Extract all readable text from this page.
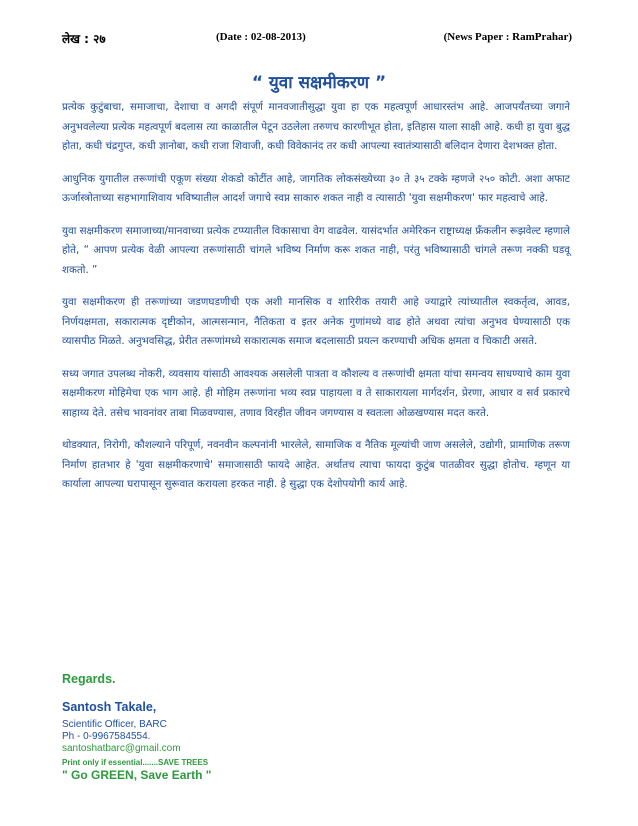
लेख : २७	(Date : 02-08-2013)	(News Paper : RamPrahar)
“ युवा सक्षमीकरण ”

प्रत्येक कुटुंबाचा, समाजाचा, देशाचा व अगदी संपूर्ण मानवजातीसुद्धा युवा हा एक महत्वपूर्ण आधारस्तंभ आहे. आजपर्यंतच्या जगाने अनुभवलेल्या प्रत्येक महत्वपूर्ण बदलास त्या काळातील पेटून उठलेला तरुणच कारणीभूत होता, इतिहास याला साक्षी आहे. कधी हा युवा बुद्ध होता, कधी चंद्रगुप्त, कधी ज्ञानोबा, कधी राजा शिवाजी, कधी विवेकानंद तर कधी आपल्या स्वातंत्र्यासाठी बलिदान देणारा देशभक्त होता.

आधुनिक युगातील तरूणांची एकूण संख्या शेकडो कोटींत आहे, जागतिक लोकसंख्येच्या ३० ते ३५ टक्के म्हणजे २५० कोटी. अशा अफाट ऊर्जास्त्रोताच्या सहभागाशिवाय भविष्यातील आदर्श जगाचे स्वप्न साकारु शकत नाही व त्यासाठी 'युवा सक्षमीकरण' फार महत्वाचे आहे.

युवा सक्षमीकरण समाजाच्या/मानवाच्या प्रत्येक टप्प्यातील विकासाचा वेग वाढवेल. यासंदर्भात अमेरिकन राष्ट्राध्यक्ष फ्रॅंकलीन रूझवेल्ट म्हणाले होते, “ आपण प्रत्येक वेळी आपल्या तरूणांसाठी चांगले भविष्य निर्माण करू शकत नाही, परंतु भविष्यासाठी चांगले तरूण नक्की घडवू शकतो. ”

युवा सक्षमीकरण ही तरूणांच्या जडणघडणीची एक अशी मानसिक व शारिरीक तयारी आहे ज्याद्वारे त्यांच्यातील स्वकर्तृत्व, आवड, निर्णयक्षमता, सकारात्मक दृष्टीकोन, आत्मसन्मान, नैतिकता व इतर अनेक गुणांमध्ये वाढ होते अथवा त्यांचा अनुभव घेण्यासाठी एक व्यासपीठ मिळते. अनुभवसिद्ध, प्रेरीत तरूणांमध्ये सकारात्मक समाज बदलासाठी प्रयत्न करण्याची अधिक क्षमता व चिकाटी असते.

सध्य जगात उपलब्ध नोकरी, व्यवसाय यांसाठी आवश्यक असलेली पात्रता व कौशल्य व तरूणांची क्षमता यांचा समन्वय साधण्याचे काम युवा सक्षमीकरण मोहिमेचा एक भाग आहे. ही मोहिम तरूणांना भव्य स्वप्न पाहायला व ते साकारायला मार्गदर्शन, प्रेरणा, आधार व सर्व प्रकारचे साहाय्य देते. तसेच भावनांवर ताबा मिळवण्यास, तणाव विरहीत जीवन जगण्यास व स्वतःला ओळखण्यास मदत करते.

थोडक्यात, निरोगी, कौशल्याने परिपूर्ण, नवनवीन कल्पनांनी भारलेले, सामाजिक व नैतिक मूल्यांची जाण असलेले, उद्योगी, प्रामाणिक तरूण निर्माण हातभार हे 'युवा सक्षमीकरणाचे' समाजासाठी फायदे आहेत. अर्थातच त्याचा फायदा कुटुंब पातळीवर सुद्धा होतोच. म्हणून या कार्याला आपल्या घरापासून सुरूवात करायला हरकत नाही. हे सुद्धा एक देशोपयोगी कार्य आहे.

Regards.
Santosh Takale,
Scientific Officer, BARC
Ph - 0-9967584554.
santoshatbarc@gmail.com
Print only if essential.......SAVE TREES
" Go GREEN, Save Earth "
